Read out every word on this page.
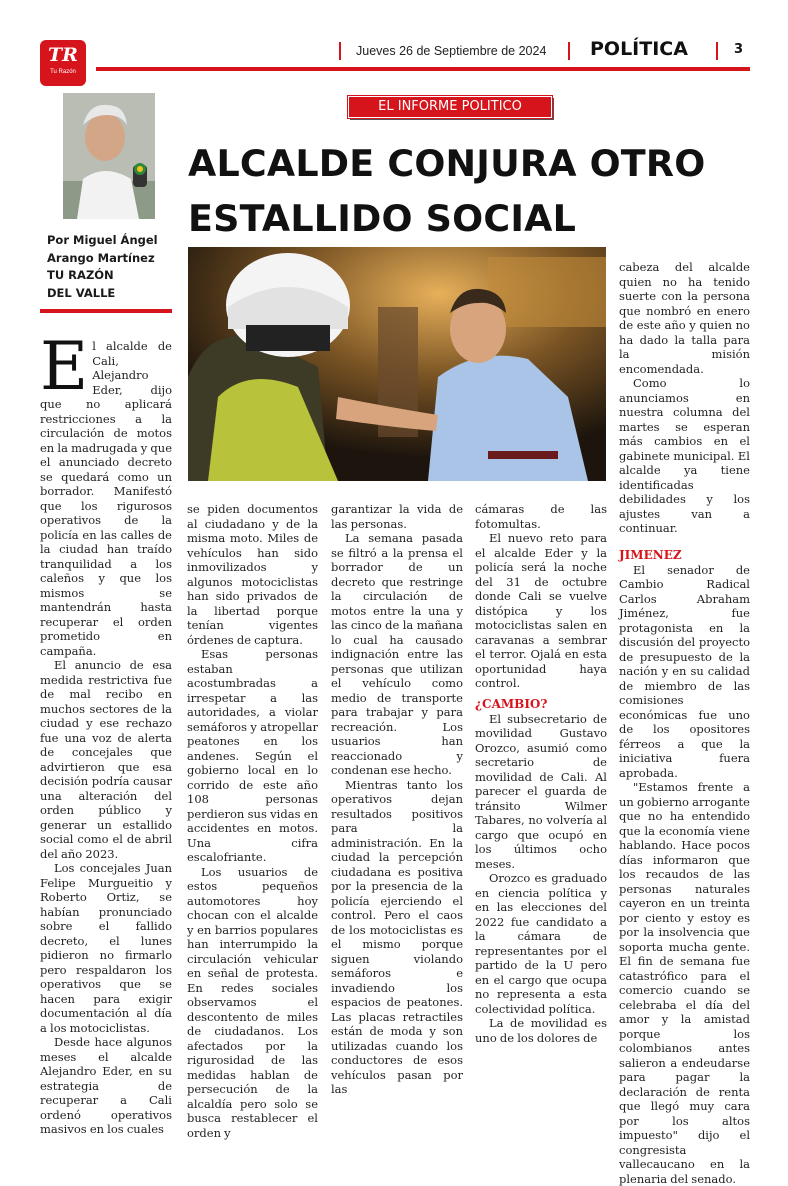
TR
Tu Razón
Jueves 26 de Septiembre de 2024 POLÍTICA	3
Por Miguel Ángel
Arango Martínez
TU RAZÓN
DEL VALLE
EL INFORME POLITICO
ALCALDE CONJURA OTRO
ESTALLIDO SOCIAL
E l alcalde de Cali, Alejandro Eder, dijo que no aplicará restricciones a la circulación de motos en la madrugada y que el anunciado decreto se quedará como un borrador. Manifestó que los rigurosos operativos de la policía en las calles de la ciudad han traído tranquilidad a los caleños y que los mismos se mantendrán hasta recuperar el orden prometido en campaña.

El anuncio de esa medida restrictiva fue de mal recibo en muchos sectores de la ciudad y ese rechazo fue una voz de alerta de concejales que advirtieron que esa decisión podría causar una alteración del orden público y generar un estallido social como el de abril del año 2023.

Los concejales Juan Felipe Murgueitio y Roberto Ortiz, se habían pronunciado sobre el fallido decreto, el lunes pidieron no firmarlo pero respaldaron los operativos que se hacen para exigir documentación al día a los motociclistas.

Desde hace algunos meses el alcalde Alejandro Eder, en su estrategia de recuperar a Cali ordenó operativos masivos en los cuales

se piden documentos al ciudadano y de la misma moto. Miles de vehículos han sido inmovilizados y algunos motociclistas han sido privados de la libertad porque tenían vigentes órdenes de captura.

Esas personas estaban acostumbradas a irrespetar a las autoridades, a violar semáforos y atropellar peatones en los andenes. Según el gobierno local en lo corrido de este año 108 personas perdieron sus vidas en accidentes en motos. Una cifra escalofriante.

Los usuarios de estos pequeños automotores hoy chocan con el alcalde y en barrios populares han interrumpido la circulación vehicular en señal de protesta. En redes sociales observamos el descontento de miles de ciudadanos. Los afectados por la rigurosidad de las medidas hablan de persecución de la alcaldía pero solo se busca restablecer el orden y

garantizar la vida de las personas.

La semana pasada se filtró a la prensa el borrador de un decreto que restringe la circulación de motos entre la una y las cinco de la mañana lo cual ha causado indignación entre las personas que utilizan el vehículo como medio de transporte para trabajar y para recreación. Los usuarios han reaccionado y condenan ese hecho.

Mientras tanto los operativos dejan resultados positivos para la administración. En la ciudad la percepción ciudadana es positiva por la presencia de la policía ejerciendo el control. Pero el caos de los motociclistas es el mismo porque siguen violando semáforos e invadiendo los espacios de peatones. Las placas retractiles están de moda y son utilizadas cuando los conductores de esos vehículos pasan por las

cámaras de las fotomultas.

El nuevo reto para el alcalde Eder y la policía será la noche del 31 de octubre donde Cali se vuelve distópica y los motociclistas salen en caravanas a sembrar el terror. Ojalá en esta oportunidad haya control.

¿CAMBIO?

El subsecretario de movilidad Gustavo Orozco, asumió como secretario de movilidad de Cali. Al parecer el guarda de tránsito Wilmer Tabares, no volvería al cargo que ocupó en los últimos ocho meses.

Orozco es graduado en ciencia política y en las elecciones del 2022 fue candidato a la cámara de representantes por el partido de la U pero en el cargo que ocupa no representa a esta colectividad política.

La de movilidad es uno de los dolores de

cabeza del alcalde quien no ha tenido suerte con la persona que nombró en enero de este año y quien no ha dado la talla para la misión encomendada.

Como lo anunciamos en nuestra columna del martes se esperan más cambios en el gabinete municipal. El alcalde ya tiene identificadas debilidades y los ajustes van a continuar.

JIMENEZ

El senador de Cambio Radical Carlos Abraham Jiménez, fue protagonista en la discusión del proyecto de presupuesto de la nación y en su calidad de miembro de las comisiones económicas fue uno de los opositores férreos a que la iniciativa fuera aprobada.

"Estamos frente a un gobierno arrogante que no ha entendido que la economía viene hablando. Hace pocos días informaron que los recaudos de las personas naturales cayeron en un treinta por ciento y estoy es por la insolvencia que soporta mucha gente. El fin de semana fue catastrófico para el comercio cuando se celebraba el día del amor y la amistad porque los colombianos antes salieron a endeudarse para pagar la declaración de renta que llegó muy cara por los altos impuesto" dijo el congresista vallecaucano en la plenaria del senado.
